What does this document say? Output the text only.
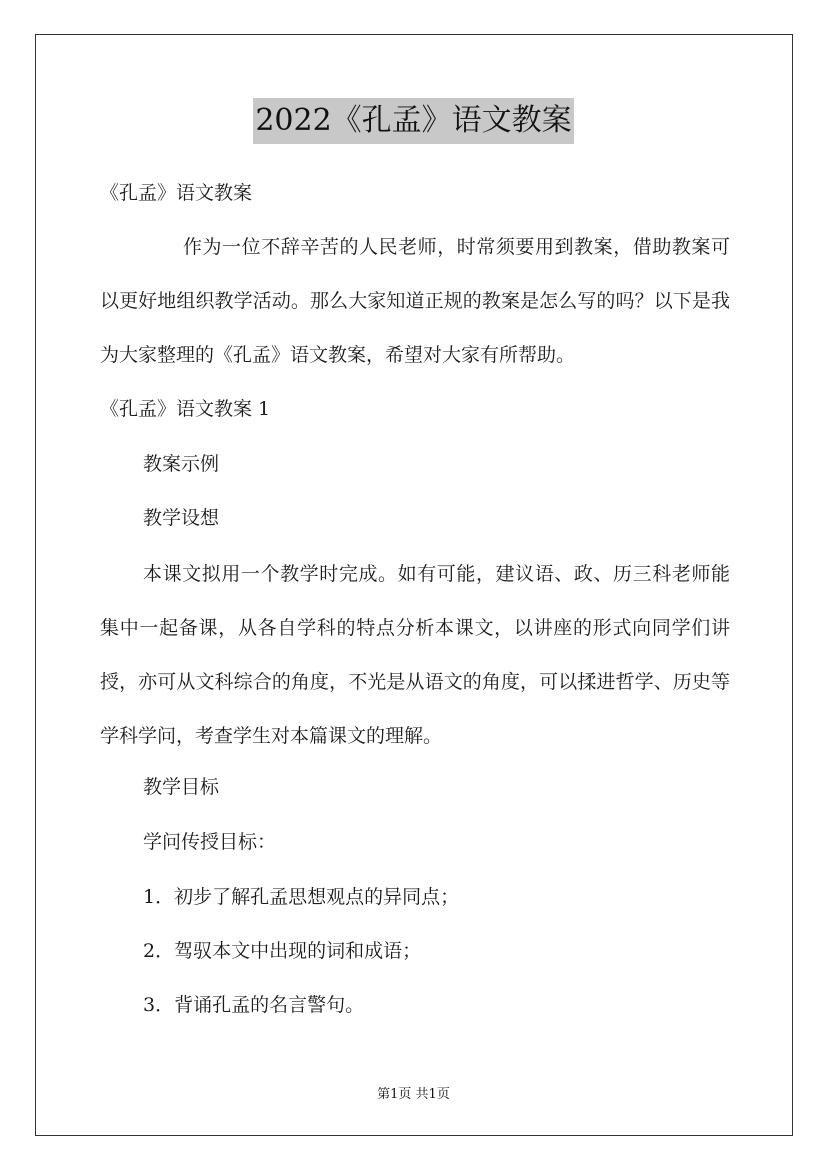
2022《孔孟》语文教案
《孔孟》语文教案
作为一位不辞辛苦的人民老师，时常须要用到教案，借助教案可以更好地组织教学活动。那么大家知道正规的教案是怎么写的吗？以下是我为大家整理的《孔孟》语文教案，希望对大家有所帮助。
《孔孟》语文教案 1
教案示例
教学设想
本课文拟用一个教学时完成。如有可能，建议语、政、历三科老师能集中一起备课，从各自学科的特点分析本课文，以讲座的形式向同学们讲授，亦可从文科综合的角度，不光是从语文的角度，可以揉进哲学、历史等学科学问，考查学生对本篇课文的理解。
教学目标
学问传授目标：
1．初步了解孔孟思想观点的异同点；
2．驾驭本文中出现的词和成语；
3．背诵孔孟的名言警句。
第1页 共1页
